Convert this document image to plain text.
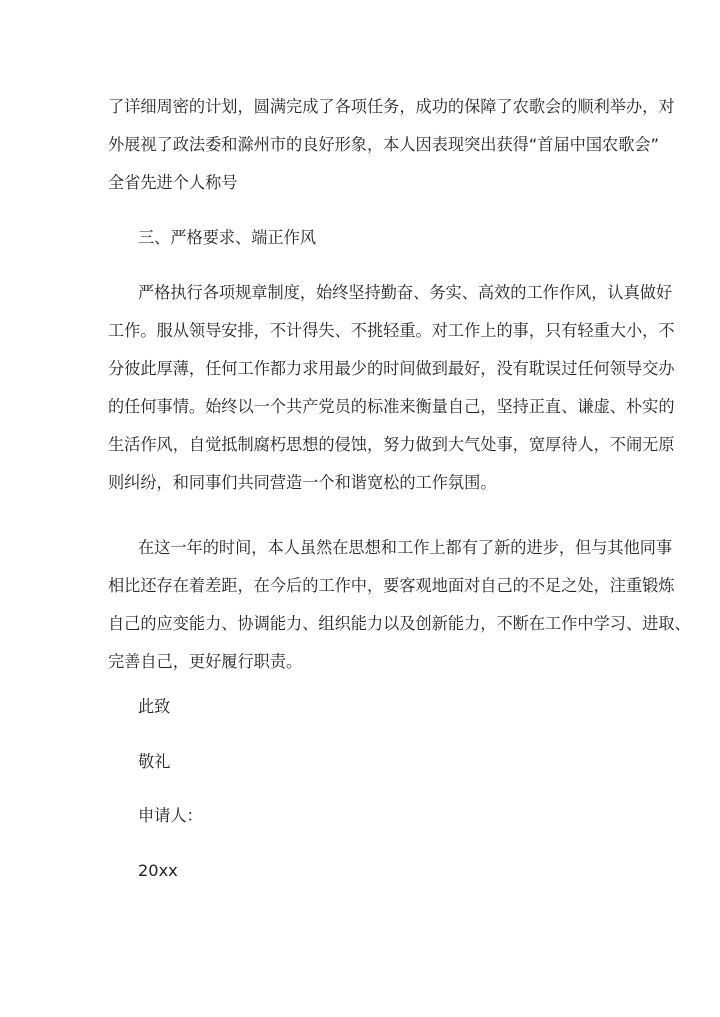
了详细周密的计划，圆满完成了各项任务，成功的保障了农歌会的顺利举办，对
外展视了政法委和滁州市的良好形象，本人因表现突出获得“首届中国农歌会”
全省先进个人称号
三、严格要求、端正作风
严格执行各项规章制度，始终坚持勤奋、务实、高效的工作作风，认真做好
工作。服从领导安排，不计得失、不挑轻重。对工作上的事，只有轻重大小，不
分彼此厚薄，任何工作都力求用最少的时间做到最好，没有耽误过任何领导交办
的任何事情。始终以一个共产党员的标准来衡量自己，坚持正直、谦虚、朴实的
生活作风，自觉抵制腐朽思想的侵蚀，努力做到大气处事，宽厚待人，不闹无原
则纠纷，和同事们共同营造一个和谐宽松的工作氛围。
在这一年的时间，本人虽然在思想和工作上都有了新的进步，但与其他同事
相比还存在着差距，在今后的工作中，要客观地面对自己的不足之处，注重锻炼
自己的应变能力、协调能力、组织能力以及创新能力，不断在工作中学习、进取、
完善自己，更好履行职责。
此致
敬礼
申请人：
20xx
